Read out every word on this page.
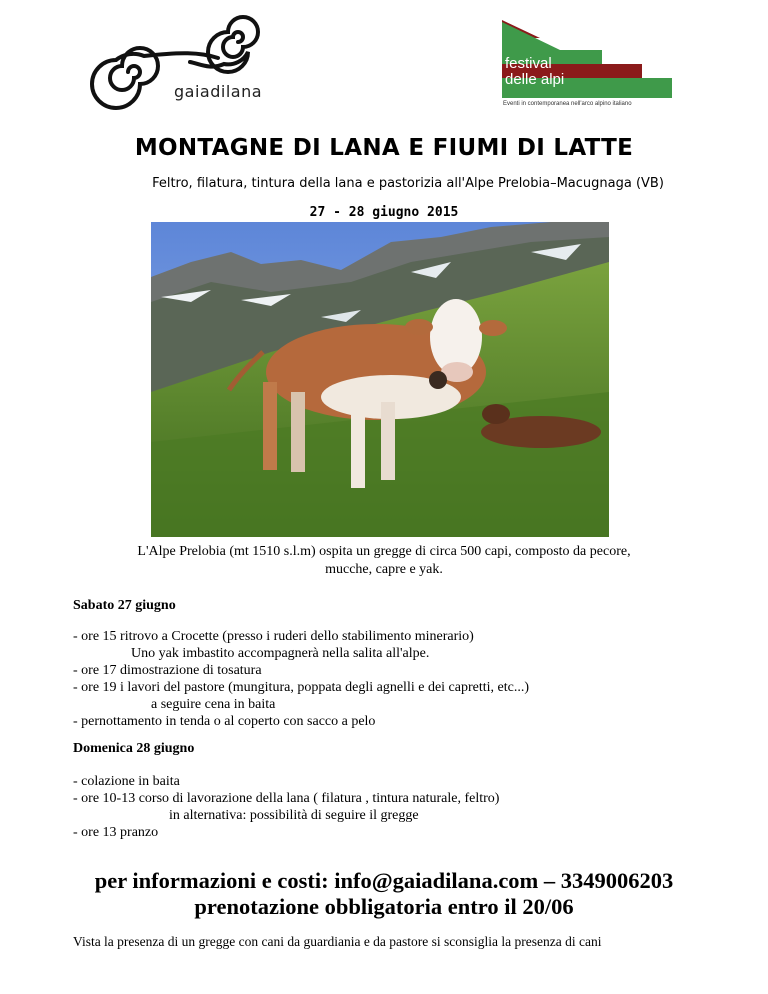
gaiadilana
festival
delle alpi
Eventi in contemporanea nell'arco alpino italiano
MONTAGNE DI LANA E FIUMI DI LATTE
Feltro, filatura, tintura della lana e pastorizia all'Alpe Prelobia–Macugnaga (VB)
27 - 28 giugno 2015
L'Alpe Prelobia (mt 1510 s.l.m) ospita un gregge di circa 500 capi, composto da pecore,
mucche, capre e yak.
Sabato 27 giugno
- ore 15 ritrovo a Crocette (presso i ruderi dello stabilimento minerario)
Uno yak imbastito accompagnerà nella salita all'alpe.
- ore 17 dimostrazione di tosatura
- ore 19 i lavori del pastore (mungitura, poppata degli agnelli e dei capretti, etc...)
a seguire cena in baita
- pernottamento in tenda o al coperto con sacco a pelo
Domenica 28 giugno
- colazione in baita
- ore 10-13 corso di lavorazione della lana ( filatura , tintura naturale, feltro)
in alternativa: possibilità di seguire il gregge
- ore 13 pranzo
per informazioni e costi: info@gaiadilana.com – 3349006203
prenotazione obbligatoria entro il 20/06
Vista la presenza di un gregge con cani da guardiania e da pastore si sconsiglia la presenza di cani
